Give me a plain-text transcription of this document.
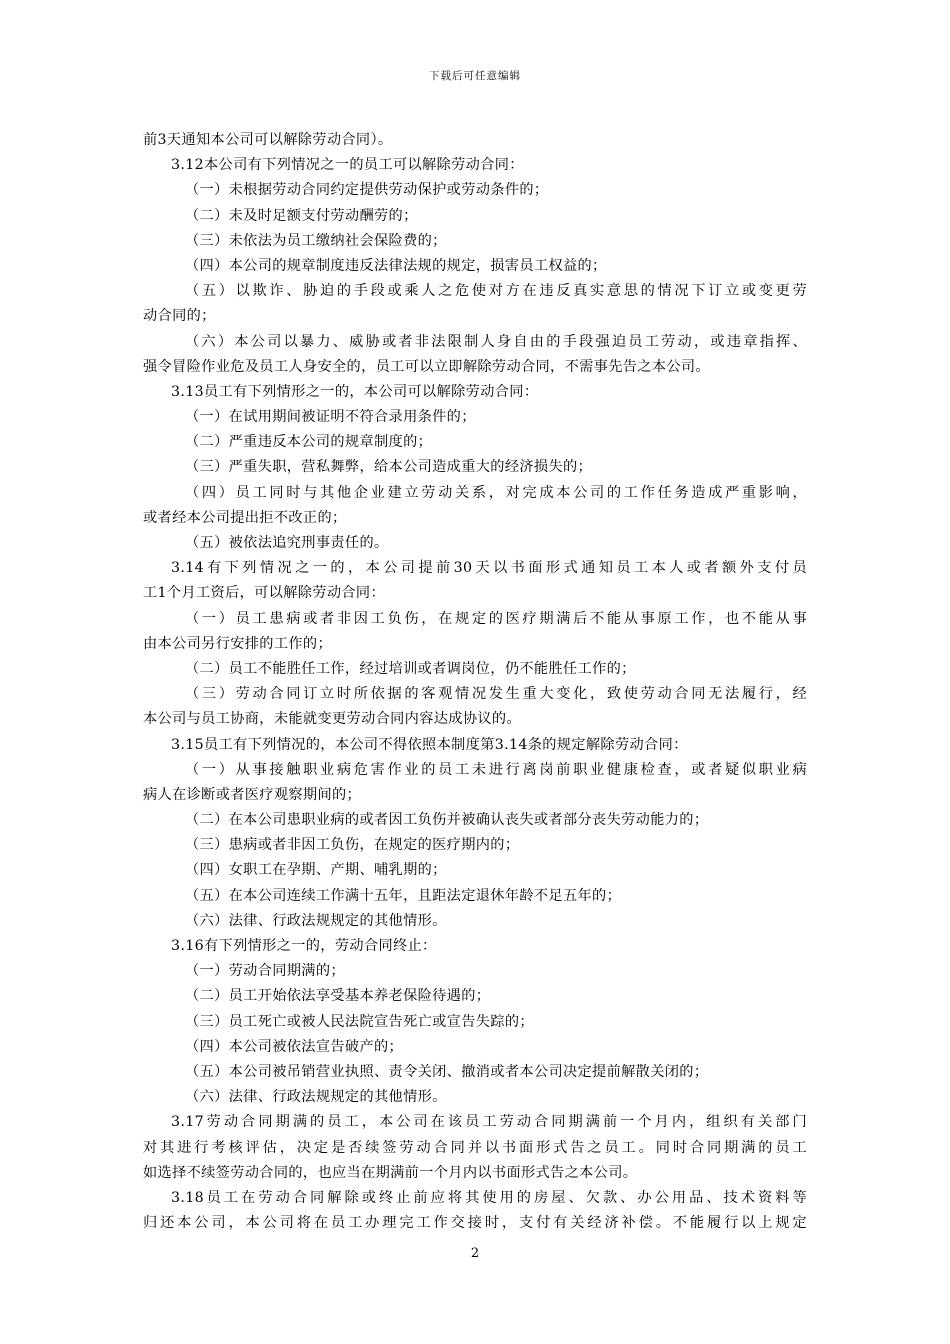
下载后可任意编辑
前3天通知本公司可以解除劳动合同）。
3.12本公司有下列情况之一的员工可以解除劳动合同：
（一）未根据劳动合同约定提供劳动保护或劳动条件的；
（二）未及时足额支付劳动酬劳的；
（三）未依法为员工缴纳社会保险费的；
（四）本公司的规章制度违反法律法规的规定，损害员工权益的；
（五）以欺诈、胁迫的手段或乘人之危使对方在违反真实意思的情况下订立或变更劳
动合同的；
（六）本公司以暴力、威胁或者非法限制人身自由的手段强迫员工劳动，或违章指挥、
强令冒险作业危及员工人身安全的，员工可以立即解除劳动合同，不需事先告之本公司。
3.13员工有下列情形之一的，本公司可以解除劳动合同：
（一）在试用期间被证明不符合录用条件的；
（二）严重违反本公司的规章制度的；
（三）严重失职，营私舞弊，给本公司造成重大的经济损失的；
（四）员工同时与其他企业建立劳动关系，对完成本公司的工作任务造成严重影响，
或者经本公司提出拒不改正的；
（五）被依法追究刑事责任的。
3.14有下列情况之一的，本公司提前30天以书面形式通知员工本人或者额外支付员
工1个月工资后，可以解除劳动合同：
（一）员工患病或者非因工负伤，在规定的医疗期满后不能从事原工作，也不能从事
由本公司另行安排的工作的；
（二）员工不能胜任工作，经过培训或者调岗位，仍不能胜任工作的；
（三）劳动合同订立时所依据的客观情况发生重大变化，致使劳动合同无法履行，经
本公司与员工协商，未能就变更劳动合同内容达成协议的。
3.15员工有下列情况的，本公司不得依照本制度第3.14条的规定解除劳动合同：
（一）从事接触职业病危害作业的员工未进行离岗前职业健康检查，或者疑似职业病
病人在诊断或者医疗观察期间的；
（二）在本公司患职业病的或者因工负伤并被确认丧失或者部分丧失劳动能力的；
（三）患病或者非因工负伤，在规定的医疗期内的；
（四）女职工在孕期、产期、哺乳期的；
（五）在本公司连续工作满十五年，且距法定退休年龄不足五年的；
（六）法律、行政法规规定的其他情形。
3.16有下列情形之一的，劳动合同终止：
（一）劳动合同期满的；
（二）员工开始依法享受基本养老保险待遇的；
（三）员工死亡或被人民法院宣告死亡或宣告失踪的；
（四）本公司被依法宣告破产的；
（五）本公司被吊销营业执照、责令关闭、撤消或者本公司决定提前解散关闭的；
（六）法律、行政法规规定的其他情形。
3.17劳动合同期满的员工，本公司在该员工劳动合同期满前一个月内，组织有关部门
对其进行考核评估，决定是否续签劳动合同并以书面形式告之员工。同时合同期满的员工
如选择不续签劳动合同的，也应当在期满前一个月内以书面形式告之本公司。
3.18员工在劳动合同解除或终止前应将其使用的房屋、欠款、办公用品、技术资料等
归还本公司，本公司将在员工办理完工作交接时，支付有关经济补偿。不能履行以上规定
2
